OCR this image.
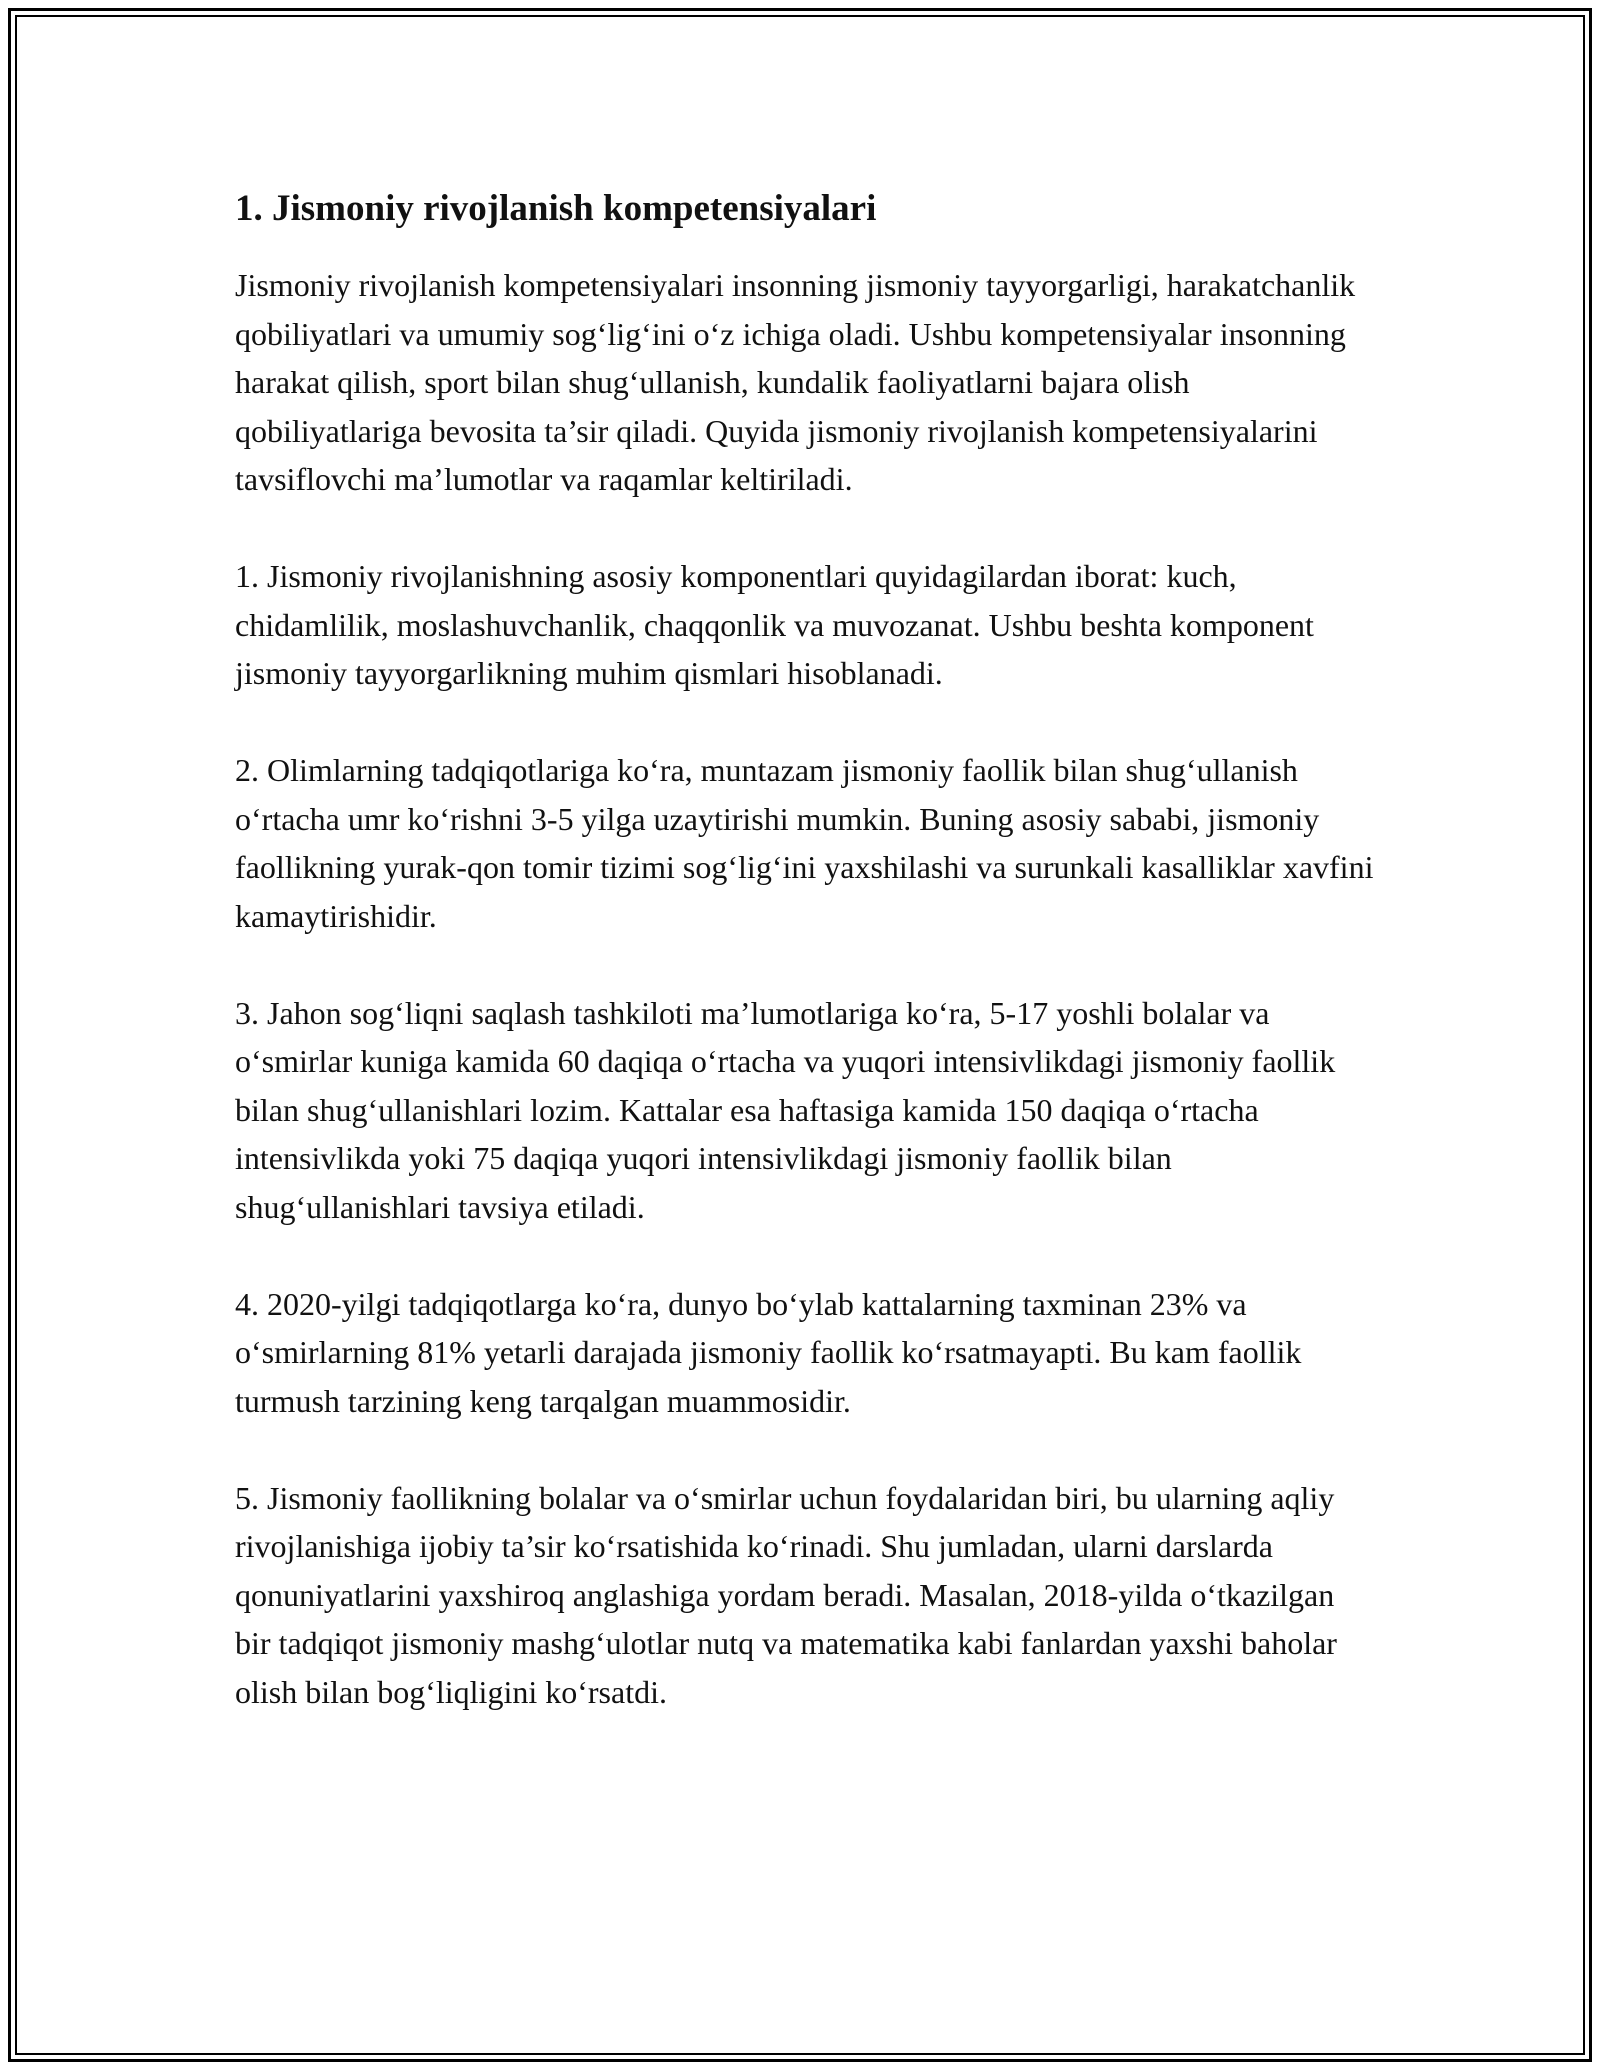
1. Jismoniy rivojlanish kompetensiyalari

Jismoniy rivojlanish kompetensiyalari insonning jismoniy tayyorgarligi, harakatchanlik qobiliyatlari va umumiy sog‘lig‘ini o‘z ichiga oladi. Ushbu kompetensiyalar insonning harakat qilish, sport bilan shug‘ullanish, kundalik faoliyatlarni bajara olish qobiliyatlariga bevosita ta’sir qiladi. Quyida jismoniy rivojlanish kompetensiyalarini tavsiflovchi ma’lumotlar va raqamlar keltiriladi.

1. Jismoniy rivojlanishning asosiy komponentlari quyidagilardan iborat: kuch, chidamlilik, moslashuvchanlik, chaqqonlik va muvozanat. Ushbu beshta komponent jismoniy tayyorgarlikning muhim qismlari hisoblanadi.

2. Olimlarning tadqiqotlariga ko‘ra, muntazam jismoniy faollik bilan shug‘ullanish o‘rtacha umr ko‘rishni 3-5 yilga uzaytirishi mumkin. Buning asosiy sababi, jismoniy faollikning yurak-qon tomir tizimi sog‘lig‘ini yaxshilashi va surunkali kasalliklar xavfini kamaytirishidir.

3. Jahon sog‘liqni saqlash tashkiloti ma’lumotlariga ko‘ra, 5-17 yoshli bolalar va o‘smirlar kuniga kamida 60 daqiqa o‘rtacha va yuqori intensivlikdagi jismoniy faollik bilan shug‘ullanishlari lozim. Kattalar esa haftasiga kamida 150 daqiqa o‘rtacha intensivlikda yoki 75 daqiqa yuqori intensivlikdagi jismoniy faollik bilan shug‘ullanishlari tavsiya etiladi.

4. 2020-yilgi tadqiqotlarga ko‘ra, dunyo bo‘ylab kattalarning taxminan 23% va o‘smirlarning 81% yetarli darajada jismoniy faollik ko‘rsatmayapti. Bu kam faollik turmush tarzining keng tarqalgan muammosidir.

5. Jismoniy faollikning bolalar va o‘smirlar uchun foydalaridan biri, bu ularning aqliy rivojlanishiga ijobiy ta’sir ko‘rsatishida ko‘rinadi. Shu jumladan, ularni darslarda qonuniyatlarini yaxshiroq anglashiga yordam beradi. Masalan, 2018-yilda o‘tkazilgan bir tadqiqot jismoniy mashg‘ulotlar nutq va matematika kabi fanlardan yaxshi baholar olish bilan bog‘liqligini ko‘rsatdi.
